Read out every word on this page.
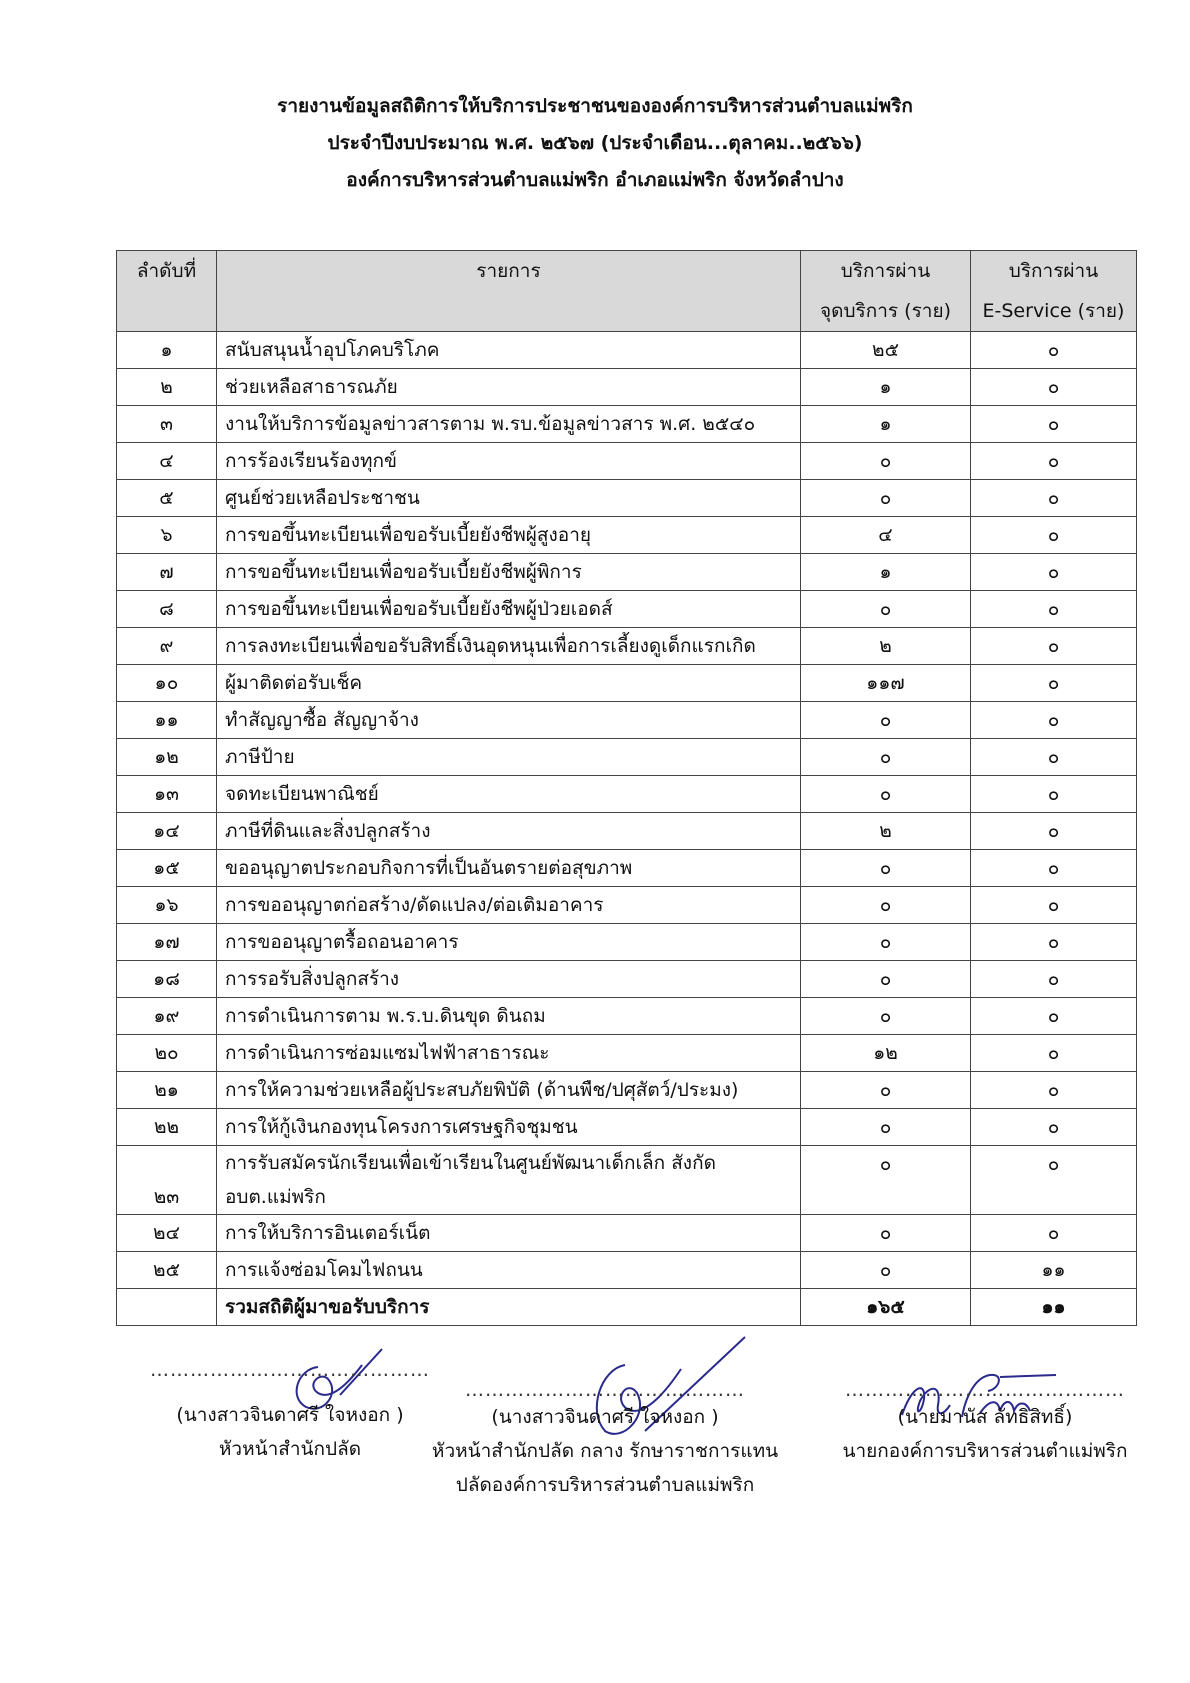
รายงานข้อมูลสถิติการให้บริการประชาชนขององค์การบริหารส่วนตำบลแม่พริก
ประจำปีงบประมาณ พ.ศ. ๒๕๖๗ (ประจำเดือน...ตุลาคม..๒๕๖๖)
องค์การบริหารส่วนตำบลแม่พริก อำเภอแม่พริก จังหวัดลำปาง
ลำดับที่	รายการ	บริการผ่าน	บริการผ่าน
		จุดบริการ (ราย)	E-Service (ราย)
๑	สนับสนุนน้ำอุปโภคบริโภค	๒๕	๐
๒	ช่วยเหลือสาธารณภัย	๑	๐
๓	งานให้บริการข้อมูลข่าวสารตาม พ.รบ.ข้อมูลข่าวสาร พ.ศ. ๒๕๔๐	๑	๐
๔	การร้องเรียนร้องทุกข์	๐	๐
๕	ศูนย์ช่วยเหลือประชาชน	๐	๐
๖	การขอขึ้นทะเบียนเพื่อขอรับเบี้ยยังชีพผู้สูงอายุ	๔	๐
๗	การขอขึ้นทะเบียนเพื่อขอรับเบี้ยยังชีพผู้พิการ	๑	๐
๘	การขอขึ้นทะเบียนเพื่อขอรับเบี้ยยังชีพผู้ป่วยเอดส์	๐	๐
๙	การลงทะเบียนเพื่อขอรับสิทธิ์เงินอุดหนุนเพื่อการเลี้ยงดูเด็กแรกเกิด	๒	๐
๑๐	ผู้มาติดต่อรับเช็ค	๑๑๗	๐
๑๑	ทำสัญญาซื้อ สัญญาจ้าง	๐	๐
๑๒	ภาษีป้าย	๐	๐
๑๓	จดทะเบียนพาณิชย์	๐	๐
๑๔	ภาษีที่ดินและสิ่งปลูกสร้าง	๒	๐
๑๕	ขออนุญาตประกอบกิจการที่เป็นอันตรายต่อสุขภาพ	๐	๐
๑๖	การขออนุญาตก่อสร้าง/ดัดแปลง/ต่อเติมอาคาร	๐	๐
๑๗	การขออนุญาตรื้อถอนอาคาร	๐	๐
๑๘	การรอรับสิ่งปลูกสร้าง	๐	๐
๑๙	การดำเนินการตาม พ.ร.บ.ดินขุด ดินถม	๐	๐
๒๐	การดำเนินการซ่อมแซมไฟฟ้าสาธารณะ	๑๒	๐
๒๑	การให้ความช่วยเหลือผู้ประสบภัยพิบัติ (ด้านพืช/ปศุสัตว์/ประมง)	๐	๐
๒๒	การให้กู้เงินกองทุนโครงการเศรษฐกิจชุมชน	๐	๐
๒๓	การรับสมัครนักเรียนเพื่อเข้าเรียนในศูนย์พัฒนาเด็กเล็ก สังกัด อบต.แม่พริก	๐	๐
๒๔	การให้บริการอินเตอร์เน็ต	๐	๐
๒๕	การแจ้งซ่อมโคมไฟถนน	๐	๑๑
	รวมสถิติผู้มาขอรับบริการ	๑๖๕	๑๑
……………………………………
(นางสาวจินดาศรี ใจหงอก )
หัวหน้าสำนักปลัด
……………………………………
(นางสาวจินดาศรี ใจหงอก )
หัวหน้าสำนักปลัด กลาง รักษาราชการแทน
ปลัดองค์การบริหารส่วนตำบลแม่พริก
……………………………………
(นายมานัส ลัทธิสิทธิ์)
นายกองค์การบริหารส่วนตำแม่พริก
